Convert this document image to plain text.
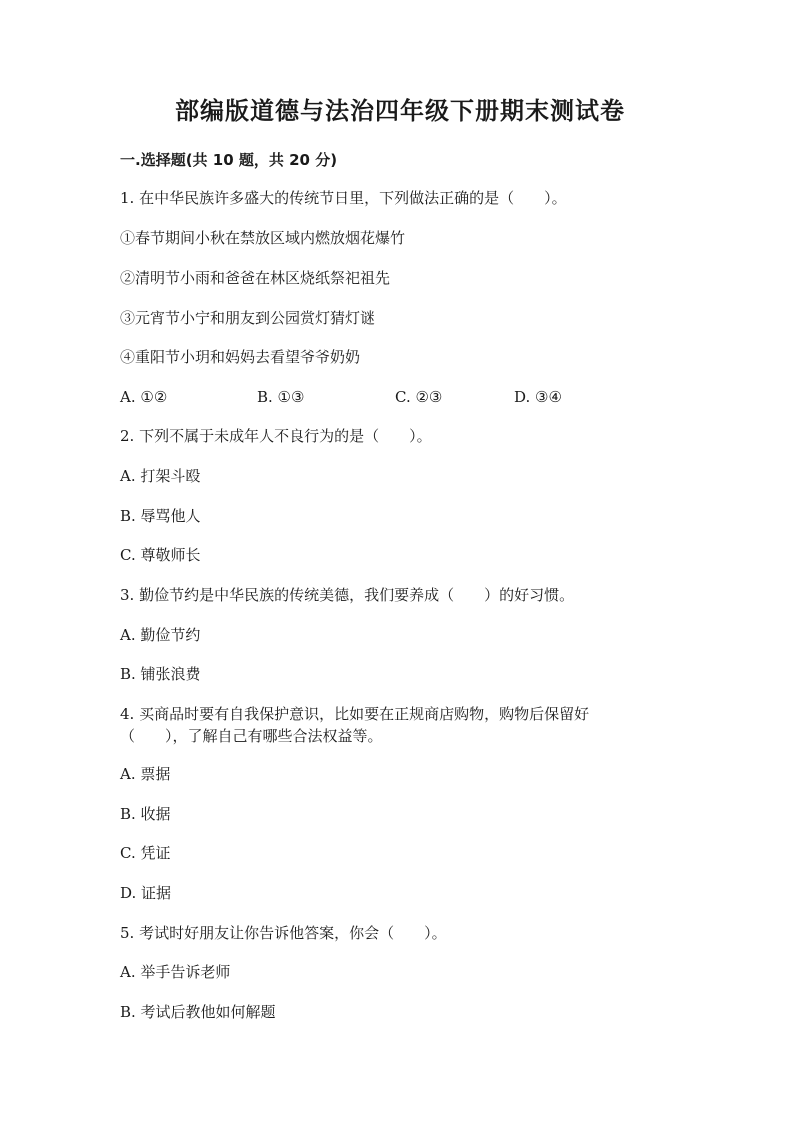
部编版道德与法治四年级下册期末测试卷
一.选择题(共 10 题，共 20 分)
1. 在中华民族许多盛大的传统节日里，下列做法正确的是（　　）。
①春节期间小秋在禁放区域内燃放烟花爆竹
②清明节小雨和爸爸在林区烧纸祭祀祖先
③元宵节小宁和朋友到公园赏灯猜灯谜
④重阳节小玥和妈妈去看望爷爷奶奶
A. ①②	B. ①③	C. ②③	D. ③④
2. 下列不属于未成年人不良行为的是（　　）。
A. 打架斗殴
B. 辱骂他人
C. 尊敬师长
3. 勤俭节约是中华民族的传统美德，我们要养成（　　）的好习惯。
A. 勤俭节约
B. 铺张浪费
4. 买商品时要有自我保护意识，比如要在正规商店购物，购物后保留好
（　　），了解自己有哪些合法权益等。
A. 票据
B. 收据
C. 凭证
D. 证据
5. 考试时好朋友让你告诉他答案，你会（　　）。
A. 举手告诉老师
B. 考试后教他如何解题
